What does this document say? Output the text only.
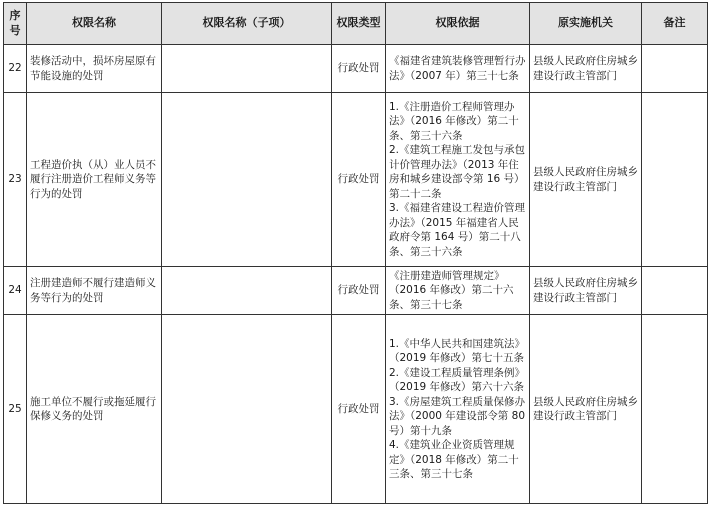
序号	权限名称	权限名称（子项）	权限类型	权限依据	原实施机关	备注
22	装修活动中，损坏房屋原有节能设施的处罚		行政处罚	《福建省建筑装修管理暂行办法》（2007 年）第三十七条	县级人民政府住房城乡建设行政主管部门	
23	工程造价执（从）业人员不履行注册造价工程师义务等行为的处罚		行政处罚	1.《注册造价工程师管理办法》（2016 年修改）第二十条、第三十六条
2.《建筑工程施工发包与承包计价管理办法》（2013 年住房和城乡建设部令第 16 号）第二十二条
3.《福建省建设工程造价管理办法》（2015 年福建省人民政府令第 164 号）第二十八条、第三十六条	县级人民政府住房城乡建设行政主管部门	
24	注册建造师不履行建造师义务等行为的处罚		行政处罚	《注册建造师管理规定》（2016 年修改）第二十六条、第三十七条	县级人民政府住房城乡建设行政主管部门	
25	施工单位不履行或拖延履行保修义务的处罚		行政处罚	1.《中华人民共和国建筑法》（2019 年修改）第七十五条
2.《建设工程质量管理条例》（2019 年修改）第六十六条
3.《房屋建筑工程质量保修办法》（2000 年建设部令第 80 号）第十九条
4.《建筑业企业资质管理规定》（2018 年修改）第二十三条、第三十七条	县级人民政府住房城乡建设行政主管部门	
